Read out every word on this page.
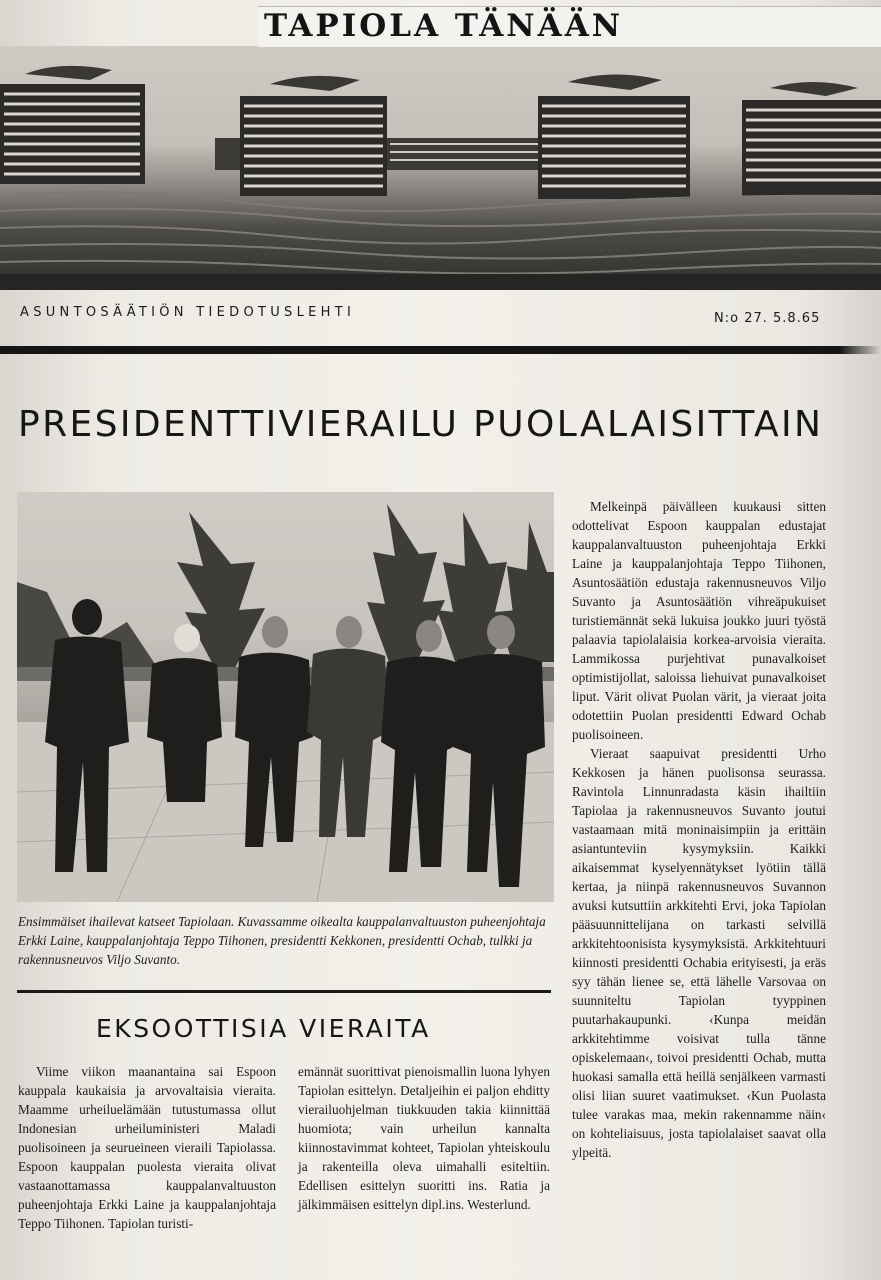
TAPIOLA TÄNÄÄN
ASUNTOSÄÄTIÖN TIEDOTUSLEHTI	N:o 27. 5.8.65
PRESIDENTTIVIERAILU PUOLALAISITTAIN
Ensimmäiset ihailevat katseet Tapiolaan. Kuvassamme oikealta kauppalanvaltuuston puheenjohtaja Erkki Laine, kauppalanjohtaja Teppo Tiihonen, presidentti Kekkonen, presidentti Ochab, tulkki ja rakennusneuvos Viljo Suvanto.
EKSOOTTISIA VIERAITA

Viime viikon maanantaina sai Espoon kauppala kaukaisia ja arvovaltaisia vieraita. Maamme urheiluelämään tutustumassa ollut Indonesian urheiluministeri Maladi puolisoineen ja seurueineen vieraili Tapiolassa. Espoon kauppalan puolesta vieraita olivat vastaanottamassa kauppalanvaltuuston puheenjohtaja Erkki Laine ja kauppalanjohtaja Teppo Tiihonen. Tapiolan turisti-

emännät suorittivat pienoismallin luona lyhyen Tapiolan esittelyn. Detaljeihin ei paljon ehditty vierailuohjelman tiukkuuden takia kiinnittää huomiota; vain urheilun kannalta kiinnostavimmat kohteet, Tapiolan yhteiskoulu ja rakenteilla oleva uimahalli esiteltiin. Edellisen esittelyn suoritti ins. Ratia ja jälkimmäisen esittelyn dipl.ins. Westerlund.

Melkeinpä päivälleen kuukausi sitten odottelivat Espoon kauppalan edustajat kauppalanvaltuuston puheenjohtaja Erkki Laine ja kauppalanjohtaja Teppo Tiihonen, Asuntosäätiön edustaja rakennusneuvos Viljo Suvanto ja Asuntosäätiön vihreäpukuiset turistiemännät sekä lukuisa joukko juuri työstä palaavia tapiolalaisia korkea-arvoisia vieraita. Lammikossa purjehtivat punavalkoiset optimistijollat, saloissa liehuivat punavalkoiset liput. Värit olivat Puolan värit, ja vieraat joita odotettiin Puolan presidentti Edward Ochab puolisoineen.

Vieraat saapuivat presidentti Urho Kekkosen ja hänen puolisonsa seurassa. Ravintola Linnunradasta käsin ihailtiin Tapiolaa ja rakennusneuvos Suvanto joutui vastaamaan mitä moninaisimpiin ja erittäin asiantunteviin kysymyksiin. Kaikki aikaisemmat kyselyennätykset lyötiin tällä kertaa, ja niinpä rakennusneuvos Suvannon avuksi kutsuttiin arkkitehti Ervi, joka Tapiolan pääsuunnittelijana on tarkasti selvillä arkkitehtoonisista kysymyksistä. Arkkitehtuuri kiinnosti presidentti Ochabia erityisesti, ja eräs syy tähän lienee se, että lähelle Varsovaa on suunniteltu Tapiolan tyyppinen puutarhakaupunki. ‹Kunpa meidän arkkitehtimme voisivat tulla tänne opiskelemaan‹, toivoi presidentti Ochab, mutta huokasi samalla että heillä senjälkeen varmasti olisi liian suuret vaatimukset. ‹Kun Puolasta tulee varakas maa, mekin rakennamme näin‹ on kohteliaisuus, josta tapiolalaiset saavat olla ylpeitä.
